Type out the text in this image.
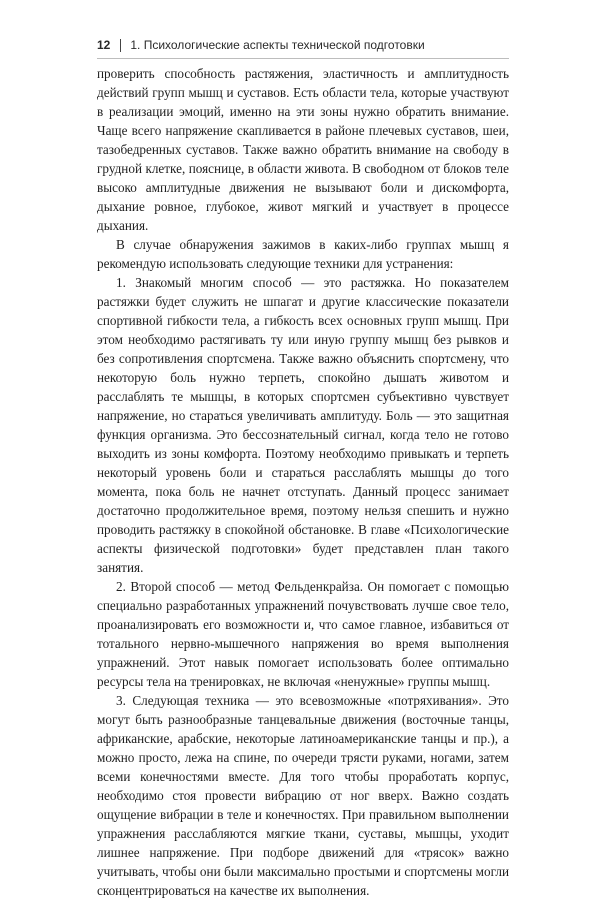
12 1. Психологические аспекты технической подготовки

проверить способность растяжения, эластичность и амплитудность действий групп мышц и суставов. Есть области тела, которые участвуют в реализации эмоций, именно на эти зоны нужно обратить внимание. Чаще всего напряжение скапливается в районе плечевых суставов, шеи, тазобедренных суставов. Также важно обратить внимание на свободу в грудной клетке, пояснице, в области живота. В свободном от блоков теле высоко амплитудные движения не вызывают боли и дискомфорта, дыхание ровное, глубокое, живот мягкий и участвует в процессе дыхания.

В случае обнаружения зажимов в каких-либо группах мышц я рекомендую использовать следующие техники для устранения:

1. Знакомый многим способ — это растяжка. Но показателем растяжки будет служить не шпагат и другие классические показатели спортивной гибкости тела, а гибкость всех основных групп мышц. При этом необходимо растягивать ту или иную группу мышц без рывков и без сопротивления спортсмена. Также важно объяснить спортсмену, что некоторую боль нужно терпеть, спокойно дышать животом и расслаблять те мышцы, в которых спортсмен субъективно чувствует напряжение, но стараться увеличивать амплитуду. Боль — это защитная функция организма. Это бессознательный сигнал, когда тело не готово выходить из зоны комфорта. Поэтому необходимо привыкать и терпеть некоторый уровень боли и стараться расслаблять мышцы до того момента, пока боль не начнет отступать. Данный процесс занимает достаточно продолжительное время, поэтому нельзя спешить и нужно проводить растяжку в спокойной обстановке. В главе «Психологические аспекты физической подготовки» будет представлен план такого занятия.

2. Второй способ — метод Фельденкрайза. Он помогает с помощью специально разработанных упражнений почувствовать лучше свое тело, проанализировать его возможности и, что самое главное, избавиться от тотального нервно-мышечного напряжения во время выполнения упражнений. Этот навык помогает использовать более оптимально ресурсы тела на тренировках, не включая «ненужные» группы мышц.

3. Следующая техника — это всевозможные «потряхивания». Это могут быть разнообразные танцевальные движения (восточные танцы, африканские, арабские, некоторые латиноамериканские танцы и пр.), а можно просто, лежа на спине, по очереди трясти руками, ногами, затем всеми конечностями вместе. Для того чтобы проработать корпус, необходимо стоя провести вибрацию от ног вверх. Важно создать ощущение вибрации в теле и конечностях. При правильном выполнении упражнения расслабляются мягкие ткани, суставы, мышцы, уходит лишнее напряжение. При подборе движений для «трясок» важно учитывать, чтобы они были максимально простыми и спортсмены могли сконцентрироваться на качестве их выполнения.
